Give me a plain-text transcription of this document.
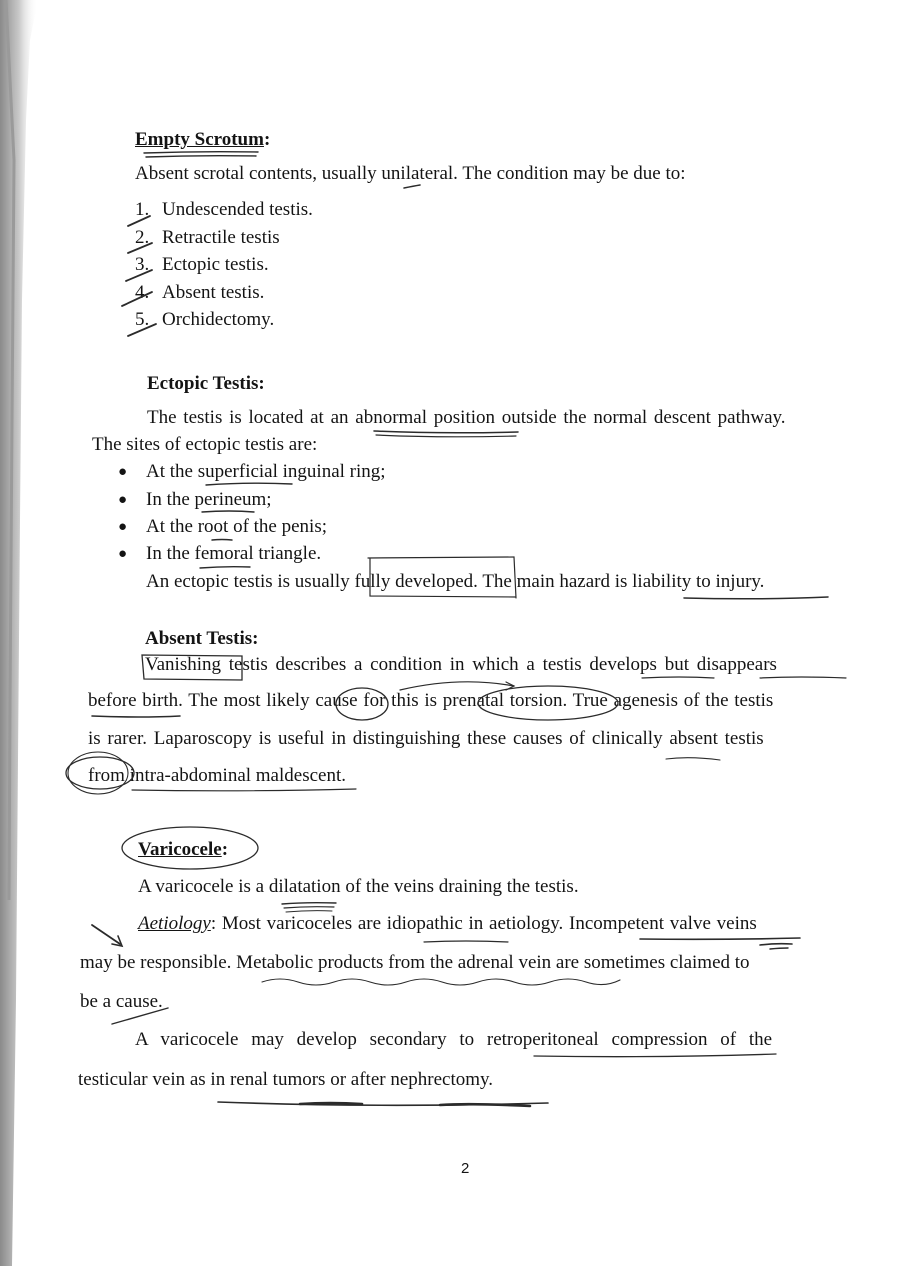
Empty Scrotum:
Absent scrotal contents, usually unilateral. The condition may be due to:
1. Undescended testis.
2. Retractile testis
3. Ectopic testis.
4. Absent testis.
5. Orchidectomy.
Ectopic Testis:
The testis is located at an abnormal position outside the normal descent pathway.
The sites of ectopic testis are:
● At the superficial inguinal ring;
● In the perineum;
● At the root of the penis;
● In the femoral triangle.
An ectopic testis is usually fully developed. The main hazard is liability to injury.
Absent Testis:
Vanishing testis describes a condition in which a testis develops but disappears
before birth. The most likely cause for this is prenatal torsion. True agenesis of the testis
is rarer. Laparoscopy is useful in distinguishing these causes of clinically absent testis
from intra-abdominal maldescent.
Varicocele:
A varicocele is a dilatation of the veins draining the testis.
Aetiology: Most varicoceles are idiopathic in aetiology. Incompetent valve veins
may be responsible. Metabolic products from the adrenal vein are sometimes claimed to
be a cause.
A varicocele may develop secondary to retroperitoneal compression of the
testicular vein as in renal tumors or after nephrectomy.
2
